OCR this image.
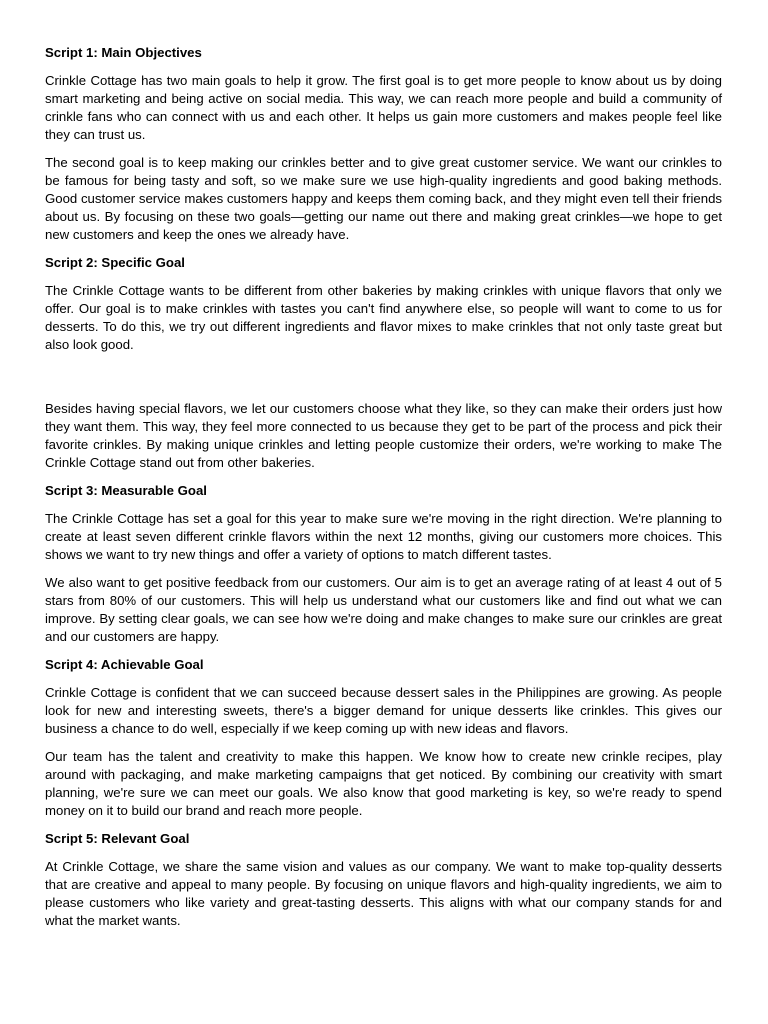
Script 1: Main Objectives

Crinkle Cottage has two main goals to help it grow. The first goal is to get more people to know about us by doing smart marketing and being active on social media. This way, we can reach more people and build a community of crinkle fans who can connect with us and each other. It helps us gain more customers and makes people feel like they can trust us.

The second goal is to keep making our crinkles better and to give great customer service. We want our crinkles to be famous for being tasty and soft, so we make sure we use high-quality ingredients and good baking methods. Good customer service makes customers happy and keeps them coming back, and they might even tell their friends about us. By focusing on these two goals—getting our name out there and making great crinkles—we hope to get new customers and keep the ones we already have.

Script 2: Specific Goal

The Crinkle Cottage wants to be different from other bakeries by making crinkles with unique flavors that only we offer. Our goal is to make crinkles with tastes you can't find anywhere else, so people will want to come to us for desserts. To do this, we try out different ingredients and flavor mixes to make crinkles that not only taste great but also look good.

Besides having special flavors, we let our customers choose what they like, so they can make their orders just how they want them. This way, they feel more connected to us because they get to be part of the process and pick their favorite crinkles. By making unique crinkles and letting people customize their orders, we're working to make The Crinkle Cottage stand out from other bakeries.

Script 3: Measurable Goal

The Crinkle Cottage has set a goal for this year to make sure we're moving in the right direction. We're planning to create at least seven different crinkle flavors within the next 12 months, giving our customers more choices. This shows we want to try new things and offer a variety of options to match different tastes.

We also want to get positive feedback from our customers. Our aim is to get an average rating of at least 4 out of 5 stars from 80% of our customers. This will help us understand what our customers like and find out what we can improve. By setting clear goals, we can see how we're doing and make changes to make sure our crinkles are great and our customers are happy.

Script 4: Achievable Goal

Crinkle Cottage is confident that we can succeed because dessert sales in the Philippines are growing. As people look for new and interesting sweets, there's a bigger demand for unique desserts like crinkles. This gives our business a chance to do well, especially if we keep coming up with new ideas and flavors.

Our team has the talent and creativity to make this happen. We know how to create new crinkle recipes, play around with packaging, and make marketing campaigns that get noticed. By combining our creativity with smart planning, we're sure we can meet our goals. We also know that good marketing is key, so we're ready to spend money on it to build our brand and reach more people.

Script 5: Relevant Goal

At Crinkle Cottage, we share the same vision and values as our company. We want to make top-quality desserts that are creative and appeal to many people. By focusing on unique flavors and high-quality ingredients, we aim to please customers who like variety and great-tasting desserts. This aligns with what our company stands for and what the market wants.
